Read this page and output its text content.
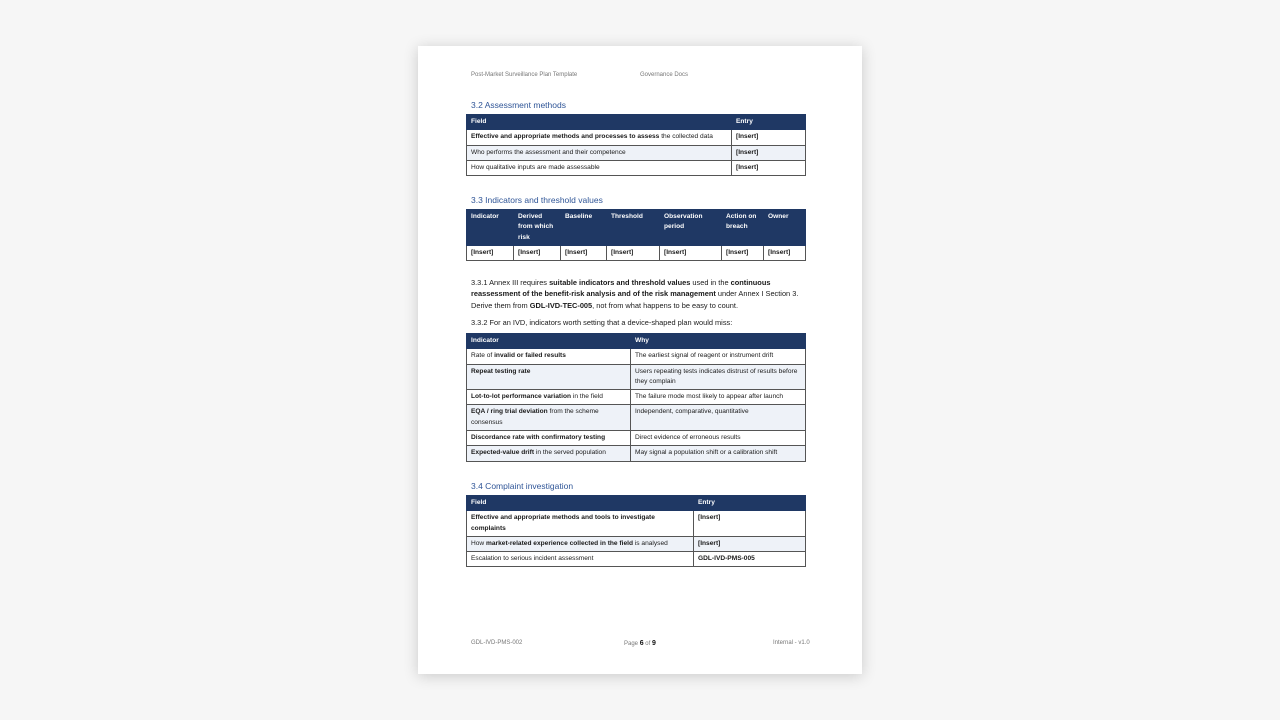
Post-Market Surveillance Plan Template	Governance Docs
3.2 Assessment methods
Field	Entry
Effective and appropriate methods and processes to assess the collected data	[Insert]
Who performs the assessment and their competence	[Insert]
How qualitative inputs are made assessable	[Insert]
3.3 Indicators and threshold values
Indicator	Derived from which risk	Baseline	Threshold	Observation period	Action on breach	Owner
[Insert]	[Insert]	[Insert]	[Insert]	[Insert]	[Insert]	[Insert]
3.3.1 Annex III requires suitable indicators and threshold values used in the continuous reassessment of the benefit-risk analysis and of the risk management under Annex I Section 3. Derive them from GDL-IVD-TEC-005, not from what happens to be easy to count.
3.3.2 For an IVD, indicators worth setting that a device-shaped plan would miss:
Indicator	Why
Rate of invalid or failed results	The earliest signal of reagent or instrument drift
Repeat testing rate	Users repeating tests indicates distrust of results before they complain
Lot-to-lot performance variation in the field	The failure mode most likely to appear after launch
EQA / ring trial deviation from the scheme consensus	Independent, comparative, quantitative
Discordance rate with confirmatory testing	Direct evidence of erroneous results
Expected-value drift in the served population	May signal a population shift or a calibration shift
3.4 Complaint investigation
Field	Entry
Effective and appropriate methods and tools to investigate complaints	[Insert]
How market-related experience collected in the field is analysed	[Insert]
Escalation to serious incident assessment	GDL-IVD-PMS-005
GDL-IVD-PMS-002	Page 6 of 9	Internal - v1.0
